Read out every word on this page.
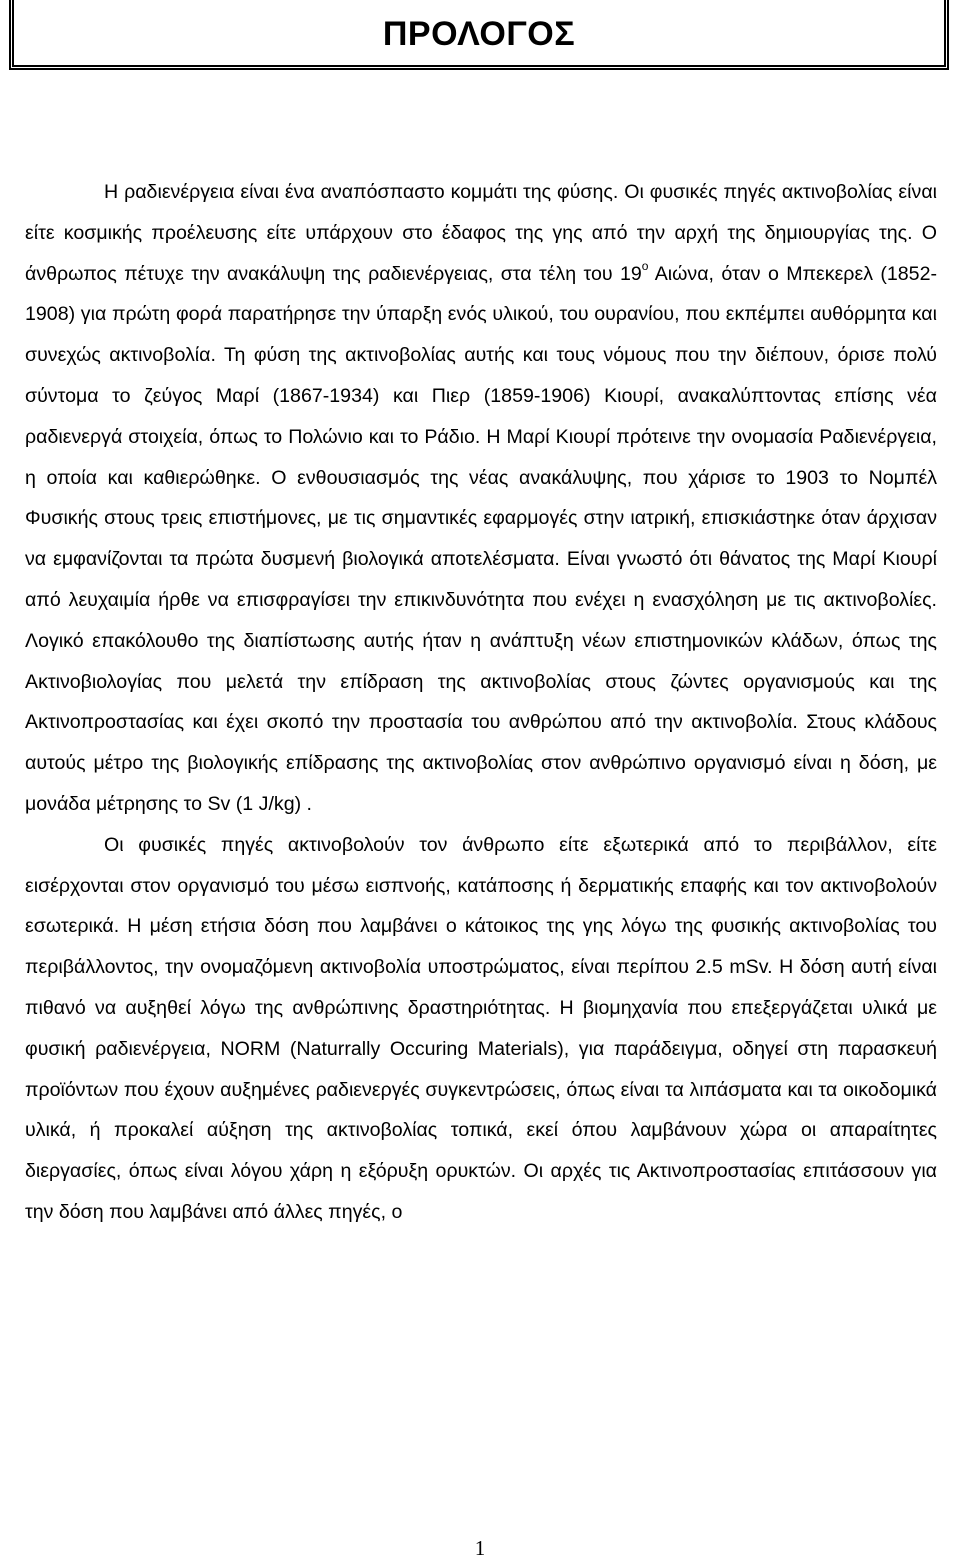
ΠΡΟΛΟΓΟΣ

Η ραδιενέργεια είναι ένα αναπόσπαστο κομμάτι της φύσης. Οι φυσικές πηγές ακτινοβολίας είναι είτε κοσμικής προέλευσης είτε υπάρχουν στο έδαφος της γης από την αρχή της δημιουργίας της. Ο άνθρωπος πέτυχε την ανακάλυψη της ραδιενέργειας, στα τέλη του $19^o$ Αιώνα, όταν ο Μπεκερελ (1852-1908) για πρώτη φορά παρατήρησε την ύπαρξη ενός υλικού, του ουρανίου, που εκπέμπει αυθόρμητα και συνεχώς ακτινοβολία. Τη φύση της ακτινοβολίας αυτής και τους νόμους που την διέπουν, όρισε πολύ σύντομα το ζεύγος Μαρί (1867-1934) και Πιερ (1859-1906) Κιουρί, ανακαλύπτοντας επίσης νέα ραδιενεργά στοιχεία, όπως το Πολώνιο και το Ράδιο. Η Μαρί Κιουρί πρότεινε την ονομασία Ραδιενέργεια, η οποία και καθιερώθηκε. Ο ενθουσιασμός της νέας ανακάλυψης, που χάρισε το 1903 το Νομπέλ Φυσικής στους τρεις επιστήμονες, με τις σημαντικές εφαρμογές στην ιατρική, επισκιάστηκε όταν άρχισαν να εμφανίζονται τα πρώτα δυσμενή βιολογικά αποτελέσματα. Είναι γνωστό ότι θάνατος της Μαρί Κιουρί από λευχαιμία ήρθε να επισφραγίσει την επικινδυνότητα που ενέχει η ενασχόληση με τις ακτινοβολίες. Λογικό επακόλουθο της διαπίστωσης αυτής ήταν η ανάπτυξη νέων επιστημονικών κλάδων, όπως της Ακτινοβιολογίας που μελετά την επίδραση της ακτινοβολίας στους ζώντες οργανισμούς και της Ακτινοπροστασίας και έχει σκοπό την προστασία του ανθρώπου από την ακτινοβολία. Στους κλάδους αυτούς μέτρο της βιολογικής επίδρασης της ακτινοβολίας στον ανθρώπινο οργανισμό είναι η δόση, με μονάδα μέτρησης το Sv (1 J/kg) .

Οι φυσικές πηγές ακτινοβολούν τον άνθρωπο είτε εξωτερικά από το περιβάλλον, είτε εισέρχονται στον οργανισμό του μέσω εισπνοής, κατάποσης ή δερματικής επαφής και τον ακτινοβολούν εσωτερικά. Η μέση ετήσια δόση που λαμβάνει ο κάτοικος της γης λόγω της φυσικής ακτινοβολίας του περιβάλλοντος, την ονομαζόμενη ακτινοβολία υποστρώματος, είναι περίπου 2.5 mSv. Η δόση αυτή είναι πιθανό να αυξηθεί λόγω της ανθρώπινης δραστηριότητας. Η βιομηχανία που επεξεργάζεται υλικά με φυσική ραδιενέργεια, NORM (Naturrally Occuring Materials), για παράδειγμα, οδηγεί στη παρασκευή προϊόντων που έχουν αυξημένες ραδιενεργές συγκεντρώσεις, όπως είναι τα λιπάσματα και τα οικοδομικά υλικά, ή προκαλεί αύξηση της ακτινοβολίας τοπικά, εκεί όπου λαμβάνουν χώρα οι απαραίτητες διεργασίες, όπως είναι λόγου χάρη η εξόρυξη ορυκτών. Οι αρχές τις Ακτινοπροστασίας επιτάσσουν για την δόση που λαμβάνει από άλλες πηγές, ο

1
